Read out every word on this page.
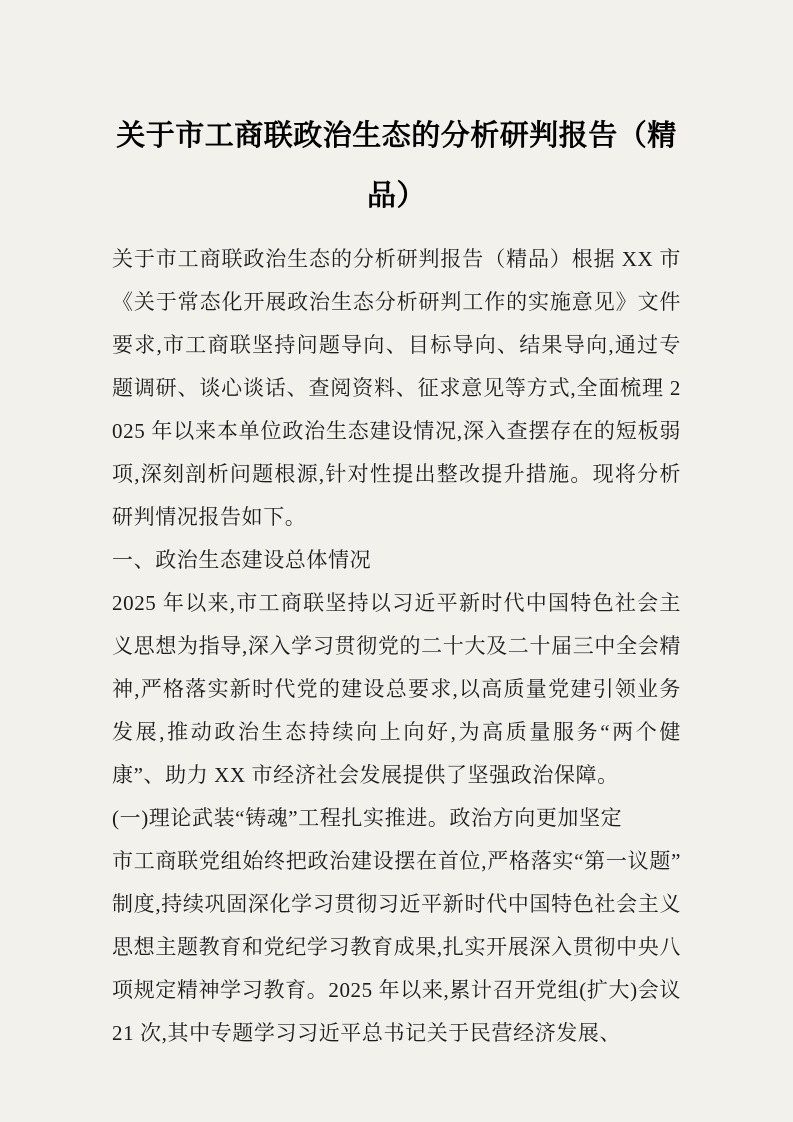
关于市工商联政治生态的分析研判报告（精品）

关于市工商联政治生态的分析研判报告（精品）根据 XX 市《关于常态化开展政治生态分析研判工作的实施意见》文件要求,市工商联坚持问题导向、目标导向、结果导向,通过专题调研、谈心谈话、查阅资料、征求意见等方式,全面梳理 2025 年以来本单位政治生态建设情况,深入查摆存在的短板弱项,深刻剖析问题根源,针对性提出整改提升措施。现将分析研判情况报告如下。

一、政治生态建设总体情况

2025 年以来,市工商联坚持以习近平新时代中国特色社会主义思想为指导,深入学习贯彻党的二十大及二十届三中全会精神,严格落实新时代党的建设总要求,以高质量党建引领业务发展,推动政治生态持续向上向好,为高质量服务“两个健康”、助力 XX 市经济社会发展提供了坚强政治保障。

(一)理论武装“铸魂”工程扎实推进。政治方向更加坚定

市工商联党组始终把政治建设摆在首位,严格落实“第一议题”制度,持续巩固深化学习贯彻习近平新时代中国特色社会主义思想主题教育和党纪学习教育成果,扎实开展深入贯彻中央八项规定精神学习教育。2025 年以来,累计召开党组(扩大)会议 21 次,其中专题学习习近平总书记关于民营经济发展、
